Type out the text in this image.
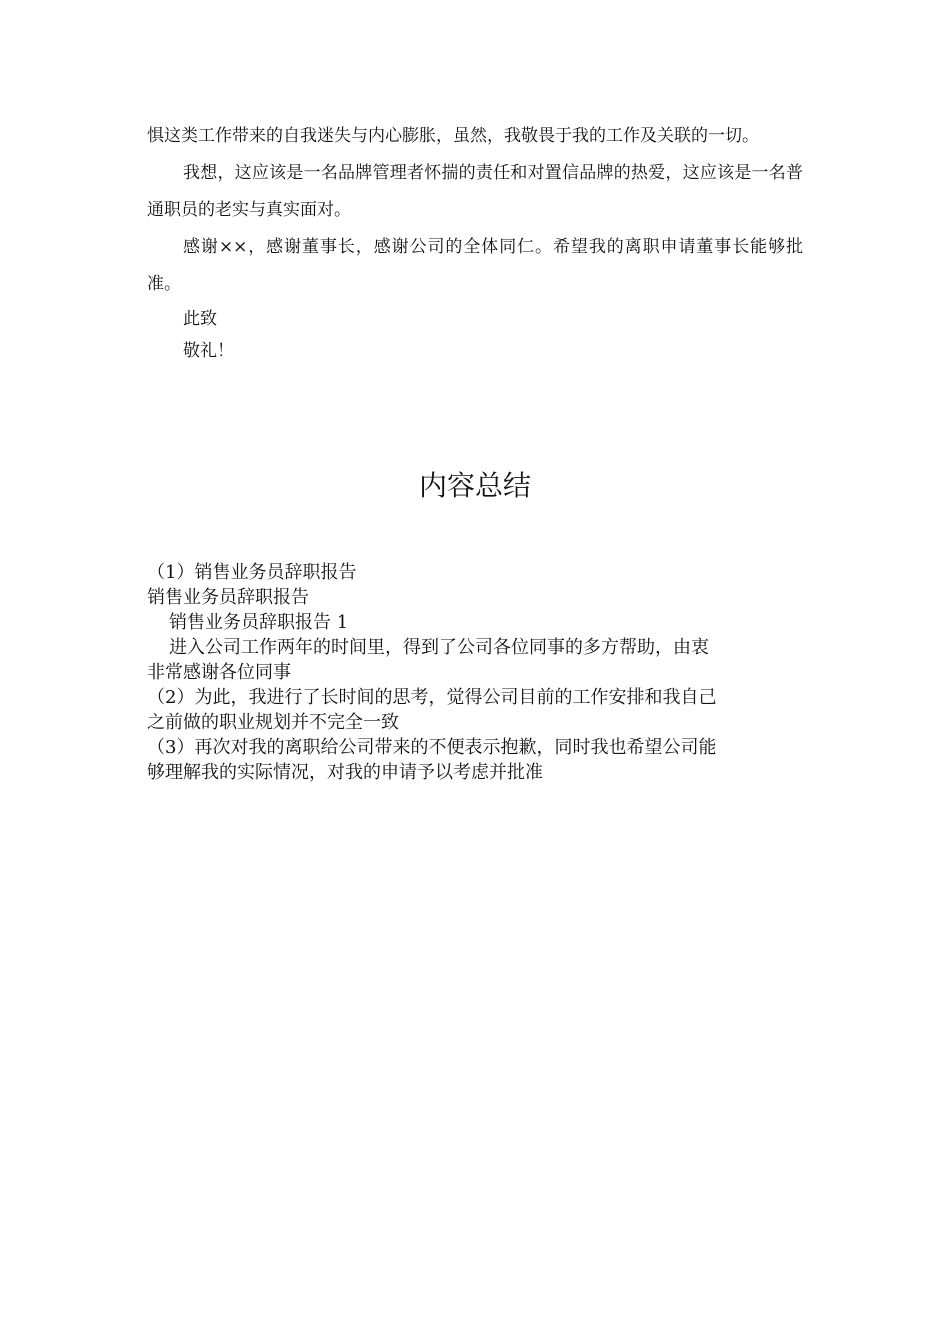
惧这类工作带来的自我迷失与内心膨胀，虽然，我敬畏于我的工作及关联的一切。

我想，这应该是一名品牌管理者怀揣的责任和对置信品牌的热爱，这应该是一名普通职员的老实与真实面对。

感谢××，感谢董事长，感谢公司的全体同仁。希望我的离职申请董事长能够批准。

此致

敬礼！

内容总结

（1）销售业务员辞职报告

销售业务员辞职报告

销售业务员辞职报告 1

进入公司工作两年的时间里，得到了公司各位同事的多方帮助，由衷

非常感谢各位同事

（2）为此，我进行了长时间的思考，觉得公司目前的工作安排和我自己

之前做的职业规划并不完全一致

（3）再次对我的离职给公司带来的不便表示抱歉，同时我也希望公司能

够理解我的实际情况，对我的申请予以考虑并批准
